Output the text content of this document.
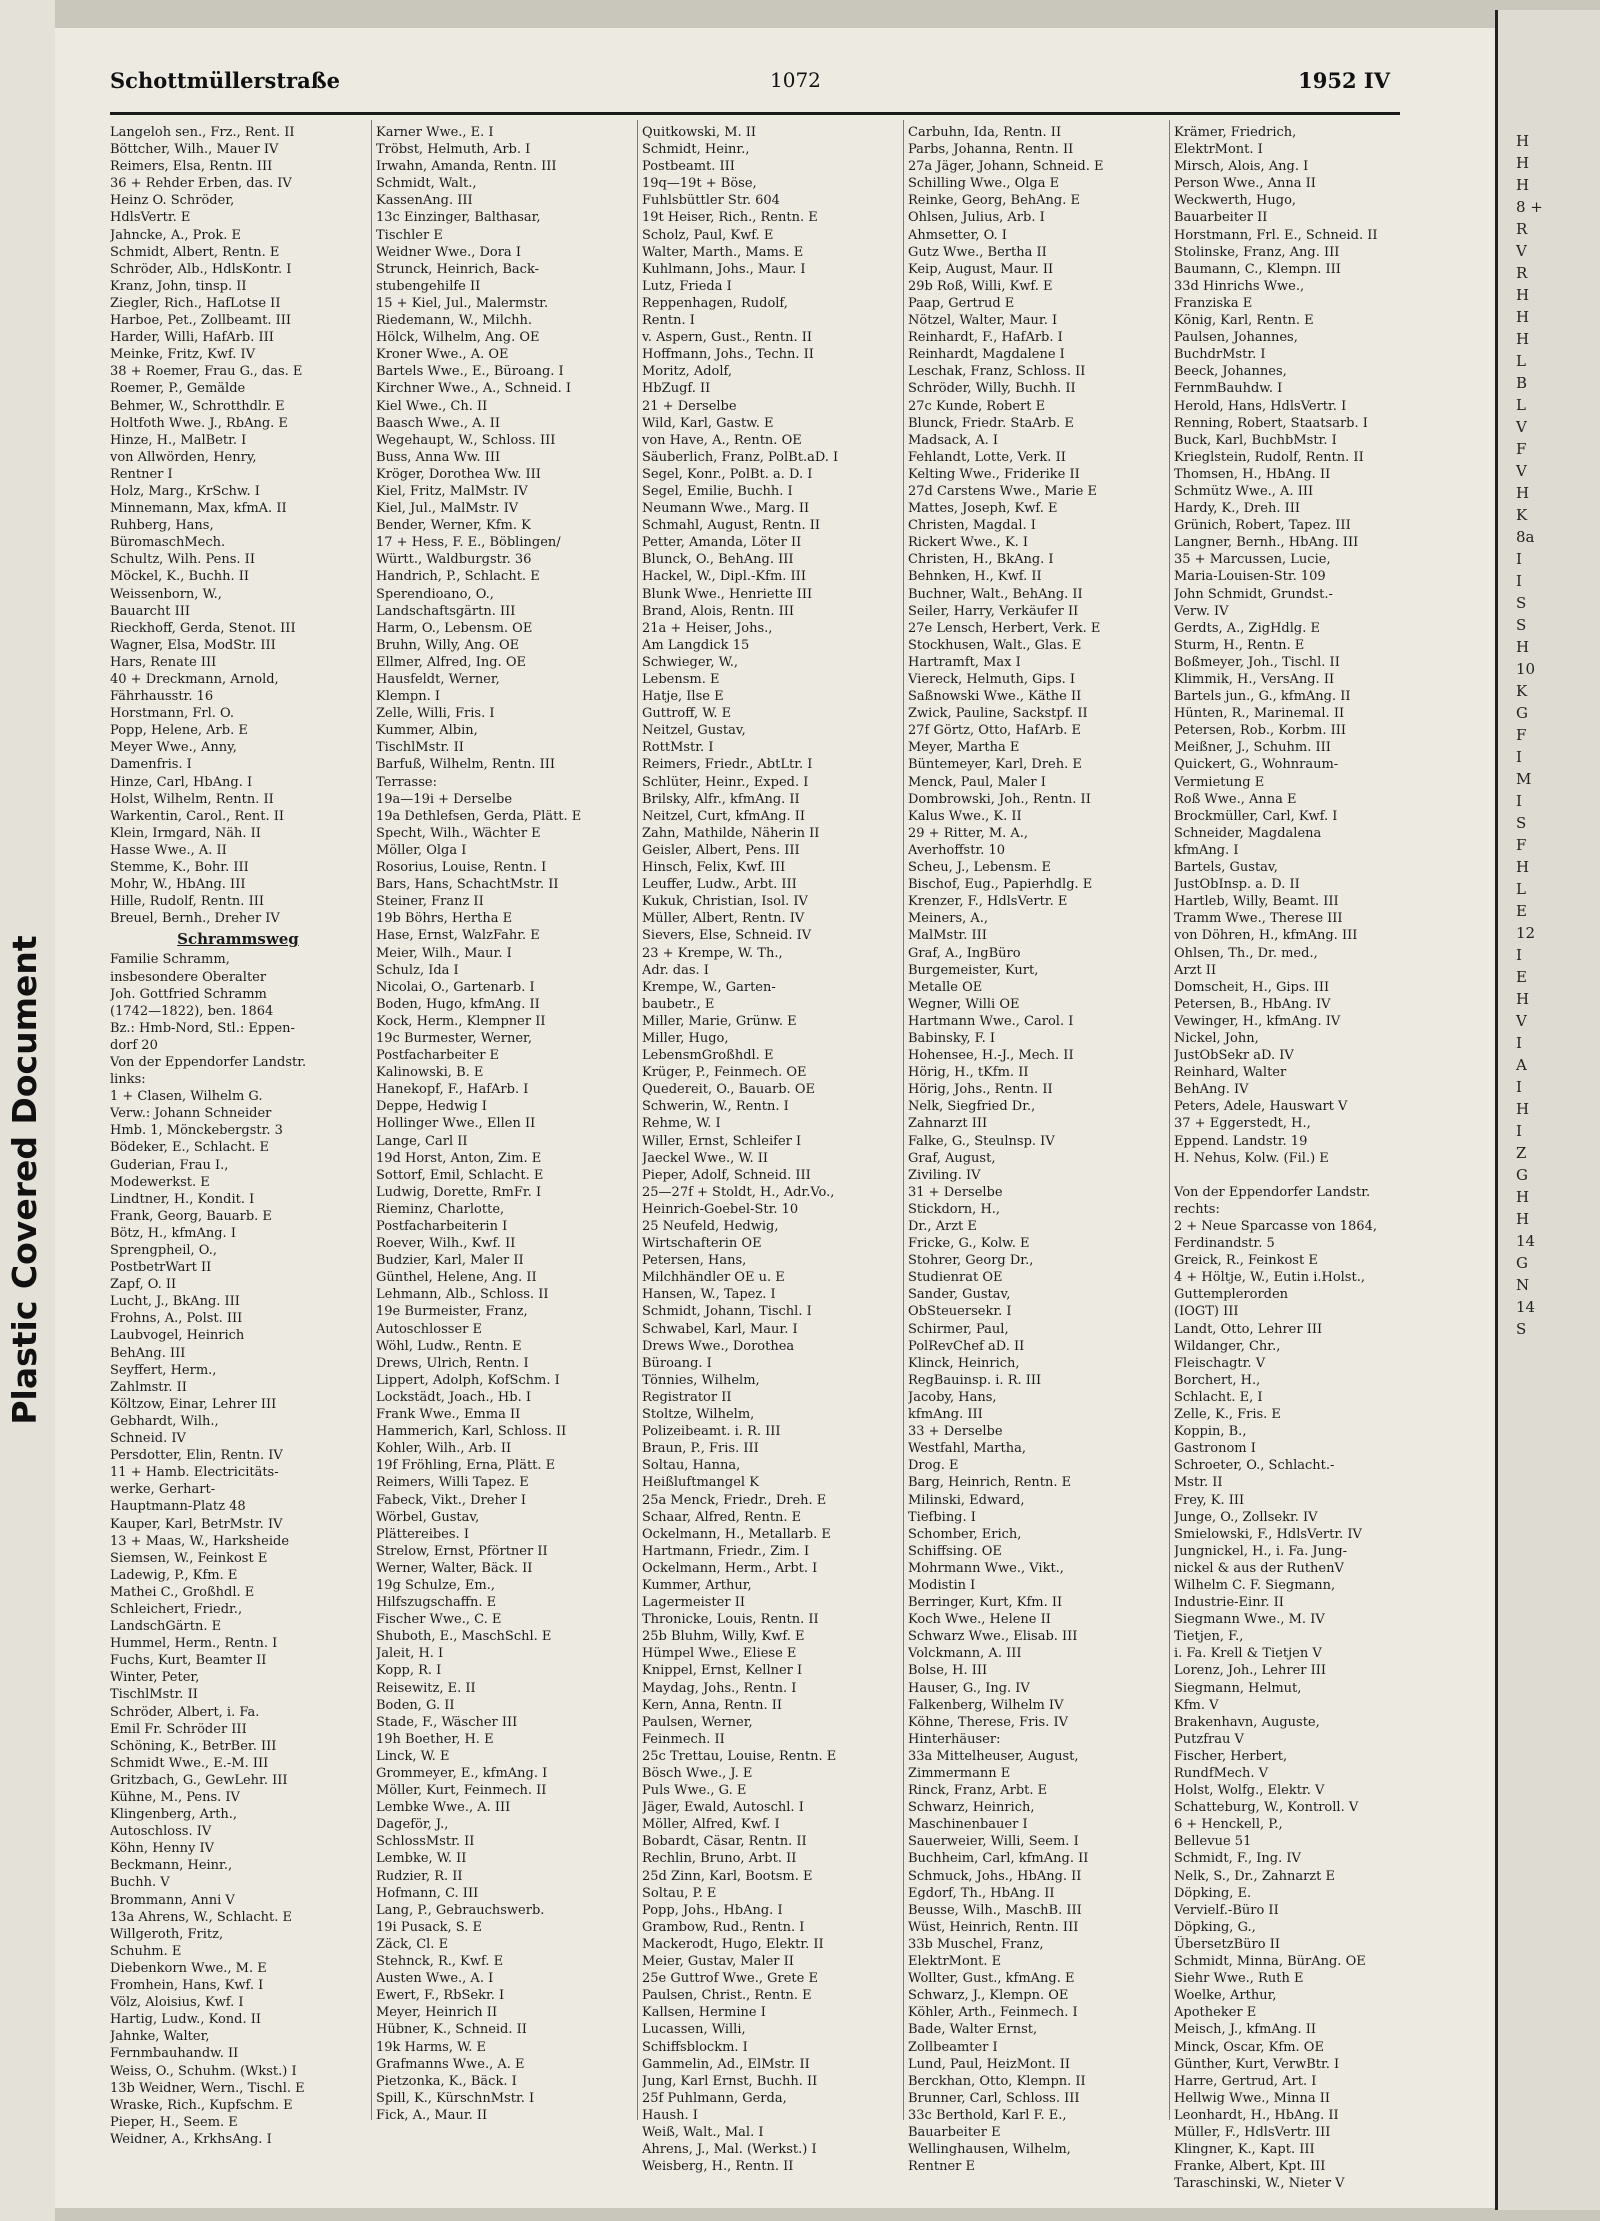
Plastic Covered Document
Schottmüllerstraße	1072	1952 IV
Langeloh sen., Frz., Rent. II
Böttcher, Wilh., Mauer IV
Reimers, Elsa, Rentn. III
36 + Rehder Erben, das. IV
Heinz O. Schröder,
HdlsVertr. E
Jahncke, A., Prok. E
Schmidt, Albert, Rentn. E
Schröder, Alb., HdlsKontr. I
Kranz, John, tinsp. II
Ziegler, Rich., HafLotse II
Harboe, Pet., Zollbeamt. III
Harder, Willi, HafArb. III
Meinke, Fritz, Kwf. IV
38 + Roemer, Frau G., das. E
Roemer, P., Gemälde
Behmer, W., Schrotthdlr. E
Holtfoth Wwe. J., RbAng. E
Hinze, H., MalBetr. I
von Allwörden, Henry,
Rentner I
Holz, Marg., KrSchw. I
Minnemann, Max, kfmA. II
Ruhberg, Hans,
BüromaschMech.
Schultz, Wilh. Pens. II
Möckel, K., Buchh. II
Weissenborn, W.,
Bauarcht III
Rieckhoff, Gerda, Stenot. III
Wagner, Elsa, ModStr. III
Hars, Renate III
40 + Dreckmann, Arnold,
Fährhausstr. 16
Horstmann, Frl. O.
Popp, Helene, Arb. E
Meyer Wwe., Anny,
Damenfris. I
Hinze, Carl, HbAng. I
Holst, Wilhelm, Rentn. II
Warkentin, Carol., Rent. II
Klein, Irmgard, Näh. II
Hasse Wwe., A. II
Stemme, K., Bohr. III
Mohr, W., HbAng. III
Hille, Rudolf, Rentn. III
Breuel, Bernh., Dreher IV
Schrammsweg
Familie Schramm,
insbesondere Oberalter
Joh. Gottfried Schramm
(1742—1822), ben. 1864
Bz.: Hmb-Nord, Stl.: Eppen-
dorf 20
Von der Eppendorfer Landstr.
links:
1 + Clasen, Wilhelm G.
Verw.: Johann Schneider
Hmb. 1, Mönckebergstr. 3
Bödeker, E., Schlacht. E
Guderian, Frau I.,
Modewerkst. E
Lindtner, H., Kondit. I
Frank, Georg, Bauarb. E
Bötz, H., kfmAng. I
Sprengpheil, O.,
PostbetrWart II
Zapf, O. II
Lucht, J., BkAng. III
Frohns, A., Polst. III
Laubvogel, Heinrich
BehAng. III
Seyffert, Herm.,
Zahlmstr. II
Költzow, Einar, Lehrer III
Gebhardt, Wilh.,
Schneid. IV
Persdotter, Elin, Rentn. IV
11 + Hamb. Electricitäts-
werke, Gerhart-
Hauptmann-Platz 48
Kauper, Karl, BetrMstr. IV
13 + Maas, W., Harksheide
Siemsen, W., Feinkost E
Ladewig, P., Kfm. E
Mathei C., Großhdl. E
Schleichert, Friedr.,
LandschGärtn. E
Hummel, Herm., Rentn. I
Fuchs, Kurt, Beamter II
Winter, Peter,
TischlMstr. II
Schröder, Albert, i. Fa.
Emil Fr. Schröder III
Schöning, K., BetrBer. III
Schmidt Wwe., E.-M. III
Gritzbach, G., GewLehr. III
Kühne, M., Pens. IV
Klingenberg, Arth.,
Autoschloss. IV
Köhn, Henny IV
Beckmann, Heinr.,
Buchh. V
Brommann, Anni V
13a Ahrens, W., Schlacht. E
Willgeroth, Fritz,
Schuhm. E
Diebenkorn Wwe., M. E
Fromhein, Hans, Kwf. I
Völz, Aloisius, Kwf. I
Hartig, Ludw., Kond. II
Jahnke, Walter,
Fernmbauhandw. II
Weiss, O., Schuhm. (Wkst.) I
13b Weidner, Wern., Tischl. E
Wraske, Rich., Kupfschm. E
Pieper, H., Seem. E
Weidner, A., KrkhsAng. I
Karner Wwe., E. I
Tröbst, Helmuth, Arb. I
Irwahn, Amanda, Rentn. III
Schmidt, Walt.,
KassenAng. III
13c Einzinger, Balthasar,
Tischler E
Weidner Wwe., Dora I
Strunck, Heinrich, Back-
stubengehilfe II
15 + Kiel, Jul., Malermstr.
Riedemann, W., Milchh.
Hölck, Wilhelm, Ang. OE
Kroner Wwe., A. OE
Bartels Wwe., E., Büroang. I
Kirchner Wwe., A., Schneid. I
Kiel Wwe., Ch. II
Baasch Wwe., A. II
Wegehaupt, W., Schloss. III
Buss, Anna Ww. III
Kröger, Dorothea Ww. III
Kiel, Fritz, MalMstr. IV
Kiel, Jul., MalMstr. IV
Bender, Werner, Kfm. K
17 + Hess, F. E., Böblingen/
Württ., Waldburgstr. 36
Handrich, P., Schlacht. E
Sperendioano, O.,
Landschaftsgärtn. III
Harm, O., Lebensm. OE
Bruhn, Willy, Ang. OE
Ellmer, Alfred, Ing. OE
Hausfeldt, Werner,
Klempn. I
Zelle, Willi, Fris. I
Kummer, Albin,
TischlMstr. II
Barfuß, Wilhelm, Rentn. III
Terrasse:
19a—19i + Derselbe
19a Dethlefsen, Gerda, Plätt. E
Specht, Wilh., Wächter E
Möller, Olga I
Rosorius, Louise, Rentn. I
Bars, Hans, SchachtMstr. II
Steiner, Franz II
19b Böhrs, Hertha E
Hase, Ernst, WalzFahr. E
Meier, Wilh., Maur. I
Schulz, Ida I
Nicolai, O., Gartenarb. I
Boden, Hugo, kfmAng. II
Kock, Herm., Klempner II
19c Burmester, Werner,
Postfacharbeiter E
Kalinowski, B. E
Hanekopf, F., HafArb. I
Deppe, Hedwig I
Hollinger Wwe., Ellen II
Lange, Carl II
19d Horst, Anton, Zim. E
Sottorf, Emil, Schlacht. E
Ludwig, Dorette, RmFr. I
Rieminz, Charlotte,
Postfacharbeiterin I
Roever, Wilh., Kwf. II
Budzier, Karl, Maler II
Günthel, Helene, Ang. II
Lehmann, Alb., Schloss. II
19e Burmeister, Franz,
Autoschlosser E
Wöhl, Ludw., Rentn. E
Drews, Ulrich, Rentn. I
Lippert, Adolph, KofSchm. I
Lockstädt, Joach., Hb. I
Frank Wwe., Emma II
Hammerich, Karl, Schloss. II
Kohler, Wilh., Arb. II
19f Fröhling, Erna, Plätt. E
Reimers, Willi Tapez. E
Fabeck, Vikt., Dreher I
Wörbel, Gustav,
Plättereibes. I
Strelow, Ernst, Pförtner II
Werner, Walter, Bäck. II
19g Schulze, Em.,
Hilfszugschaffn. E
Fischer Wwe., C. E
Shuboth, E., MaschSchl. E
Jaleit, H. I
Kopp, R. I
Reisewitz, E. II
Boden, G. II
Stade, F., Wäscher III
19h Boether, H. E
Linck, W. E
Grommeyer, E., kfmAng. I
Möller, Kurt, Feinmech. II
Lembke Wwe., A. III
Dageför, J.,
SchlossMstr. II
Lembke, W. II
Rudzier, R. II
Hofmann, C. III
Lang, P., Gebrauchswerb.
19i Pusack, S. E
Zäck, Cl. E
Stehnck, R., Kwf. E
Austen Wwe., A. I
Ewert, F., RbSekr. I
Meyer, Heinrich II
Hübner, K., Schneid. II
19k Harms, W. E
Grafmanns Wwe., A. E
Pietzonka, K., Bäck. I
Spill, K., KürschnMstr. I
Fick, A., Maur. II
Quitkowski, M. II
Schmidt, Heinr.,
Postbeamt. III
19q—19t + Böse,
Fuhlsbüttler Str. 604
19t Heiser, Rich., Rentn. E
Scholz, Paul, Kwf. E
Walter, Marth., Mams. E
Kuhlmann, Johs., Maur. I
Lutz, Frieda I
Reppenhagen, Rudolf,
Rentn. I
v. Aspern, Gust., Rentn. II
Hoffmann, Johs., Techn. II
Moritz, Adolf,
HbZugf. II
21 + Derselbe
Wild, Karl, Gastw. E
von Have, A., Rentn. OE
Säuberlich, Franz, PolBt.aD. I
Segel, Konr., PolBt. a. D. I
Segel, Emilie, Buchh. I
Neumann Wwe., Marg. II
Schmahl, August, Rentn. II
Petter, Amanda, Löter II
Blunck, O., BehAng. III
Hackel, W., Dipl.-Kfm. III
Blunk Wwe., Henriette III
Brand, Alois, Rentn. III
21a + Heiser, Johs.,
Am Langdick 15
Schwieger, W.,
Lebensm. E
Hatje, Ilse E
Guttroff, W. E
Neitzel, Gustav,
RottMstr. I
Reimers, Friedr., AbtLtr. I
Schlüter, Heinr., Exped. I
Brilsky, Alfr., kfmAng. II
Neitzel, Curt, kfmAng. II
Zahn, Mathilde, Näherin II
Geisler, Albert, Pens. III
Hinsch, Felix, Kwf. III
Leuffer, Ludw., Arbt. III
Kukuk, Christian, Isol. IV
Müller, Albert, Rentn. IV
Sievers, Else, Schneid. IV
23 + Krempe, W. Th.,
Adr. das. I
Krempe, W., Garten-
baubetr., E
Miller, Marie, Grünw. E
Miller, Hugo,
LebensmGroßhdl. E
Krüger, P., Feinmech. OE
Quedereit, O., Bauarb. OE
Schwerin, W., Rentn. I
Rehme, W. I
Willer, Ernst, Schleifer I
Jaeckel Wwe., W. II
Pieper, Adolf, Schneid. III
25—27f + Stoldt, H., Adr.Vo.,
Heinrich-Goebel-Str. 10
25 Neufeld, Hedwig,
Wirtschafterin OE
Petersen, Hans,
Milchhändler OE u. E
Hansen, W., Tapez. I
Schmidt, Johann, Tischl. I
Schwabel, Karl, Maur. I
Drews Wwe., Dorothea
Büroang. I
Tönnies, Wilhelm,
Registrator II
Stoltze, Wilhelm,
Polizeibeamt. i. R. III
Braun, P., Fris. III
Soltau, Hanna,
Heißluftmangel K
25a Menck, Friedr., Dreh. E
Schaar, Alfred, Rentn. E
Ockelmann, H., Metallarb. E
Hartmann, Friedr., Zim. I
Ockelmann, Herm., Arbt. I
Kummer, Arthur,
Lagermeister II
Thronicke, Louis, Rentn. II
25b Bluhm, Willy, Kwf. E
Hümpel Wwe., Eliese E
Knippel, Ernst, Kellner I
Maydag, Johs., Rentn. I
Kern, Anna, Rentn. II
Paulsen, Werner,
Feinmech. II
25c Trettau, Louise, Rentn. E
Bösch Wwe., J. E
Puls Wwe., G. E
Jäger, Ewald, Autoschl. I
Möller, Alfred, Kwf. I
Bobardt, Cäsar, Rentn. II
Rechlin, Bruno, Arbt. II
25d Zinn, Karl, Bootsm. E
Soltau, P. E
Popp, Johs., HbAng. I
Grambow, Rud., Rentn. I
Mackerodt, Hugo, Elektr. II
Meier, Gustav, Maler II
25e Guttrof Wwe., Grete E
Paulsen, Christ., Rentn. E
Kallsen, Hermine I
Lucassen, Willi,
Schiffsblockm. I
Gammelin, Ad., ElMstr. II
Jung, Karl Ernst, Buchh. II
25f Puhlmann, Gerda,
Haush. I
Weiß, Walt., Mal. I
Ahrens, J., Mal. (Werkst.) I
Weisberg, H., Rentn. II
Carbuhn, Ida, Rentn. II
Parbs, Johanna, Rentn. II
27a Jäger, Johann, Schneid. E
Schilling Wwe., Olga E
Reinke, Georg, BehAng. E
Ohlsen, Julius, Arb. I
Ahmsetter, O. I
Gutz Wwe., Bertha II
Keip, August, Maur. II
29b Roß, Willi, Kwf. E
Paap, Gertrud E
Nötzel, Walter, Maur. I
Reinhardt, F., HafArb. I
Reinhardt, Magdalene I
Leschak, Franz, Schloss. II
Schröder, Willy, Buchh. II
27c Kunde, Robert E
Blunck, Friedr. StaArb. E
Madsack, A. I
Fehlandt, Lotte, Verk. II
Kelting Wwe., Friderike II
27d Carstens Wwe., Marie E
Mattes, Joseph, Kwf. E
Christen, Magdal. I
Rickert Wwe., K. I
Christen, H., BkAng. I
Behnken, H., Kwf. II
Buchner, Walt., BehAng. II
Seiler, Harry, Verkäufer II
27e Lensch, Herbert, Verk. E
Stockhusen, Walt., Glas. E
Hartramft, Max I
Viereck, Helmuth, Gips. I
Saßnowski Wwe., Käthe II
Zwick, Pauline, Sackstpf. II
27f Görtz, Otto, HafArb. E
Meyer, Martha E
Büntemeyer, Karl, Dreh. E
Menck, Paul, Maler I
Dombrowski, Joh., Rentn. II
Kalus Wwe., K. II
29 + Ritter, M. A.,
Averhoffstr. 10
Scheu, J., Lebensm. E
Bischof, Eug., Papierhdlg. E
Krenzer, F., HdlsVertr. E
Meiners, A.,
MalMstr. III
Graf, A., IngBüro
Burgemeister, Kurt,
Metalle OE
Wegner, Willi OE
Hartmann Wwe., Carol. I
Babinsky, F. I
Hohensee, H.-J., Mech. II
Hörig, H., tKfm. II
Hörig, Johs., Rentn. II
Nelk, Siegfried Dr.,
Zahnarzt III
Falke, G., Steulnsp. IV
Graf, August,
Ziviling. IV
31 + Derselbe
Stickdorn, H.,
Dr., Arzt E
Fricke, G., Kolw. E
Stohrer, Georg Dr.,
Studienrat OE
Sander, Gustav,
ObSteuersekr. I
Schirmer, Paul,
PolRevChef aD. II
Klinck, Heinrich,
RegBauinsp. i. R. III
Jacoby, Hans,
kfmAng. III
33 + Derselbe
Westfahl, Martha,
Drog. E
Barg, Heinrich, Rentn. E
Milinski, Edward,
Tiefbing. I
Schomber, Erich,
Schiffsing. OE
Mohrmann Wwe., Vikt.,
Modistin I
Berringer, Kurt, Kfm. II
Koch Wwe., Helene II
Schwarz Wwe., Elisab. III
Volckmann, A. III
Bolse, H. III
Hauser, G., Ing. IV
Falkenberg, Wilhelm IV
Köhne, Therese, Fris. IV
Hinterhäuser:
33a Mittelheuser, August,
Zimmermann E
Rinck, Franz, Arbt. E
Schwarz, Heinrich,
Maschinenbauer I
Sauerweier, Willi, Seem. I
Buchheim, Carl, kfmAng. II
Schmuck, Johs., HbAng. II
Egdorf, Th., HbAng. II
Beusse, Wilh., MaschB. III
Wüst, Heinrich, Rentn. III
33b Muschel, Franz,
ElektrMont. E
Wollter, Gust., kfmAng. E
Schwarz, J., Klempn. OE
Köhler, Arth., Feinmech. I
Bade, Walter Ernst,
Zollbeamter I
Lund, Paul, HeizMont. II
Berckhan, Otto, Klempn. II
Brunner, Carl, Schloss. III
33c Berthold, Karl F. E.,
Bauarbeiter E
Wellinghausen, Wilhelm,
Rentner E
Krämer, Friedrich,
ElektrMont. I
Mirsch, Alois, Ang. I
Person Wwe., Anna II
Weckwerth, Hugo,
Bauarbeiter II
Horstmann, Frl. E., Schneid. II
Stolinske, Franz, Ang. III
Baumann, C., Klempn. III
33d Hinrichs Wwe.,
Franziska E
König, Karl, Rentn. E
Paulsen, Johannes,
BuchdrMstr. I
Beeck, Johannes,
FernmBauhdw. I
Herold, Hans, HdlsVertr. I
Renning, Robert, Staatsarb. I
Buck, Karl, BuchbMstr. I
Krieglstein, Rudolf, Rentn. II
Thomsen, H., HbAng. II
Schmütz Wwe., A. III
Hardy, K., Dreh. III
Grünich, Robert, Tapez. III
Langner, Bernh., HbAng. III
35 + Marcussen, Lucie,
Maria-Louisen-Str. 109
John Schmidt, Grundst.-
Verw. IV
Gerdts, A., ZigHdlg. E
Sturm, H., Rentn. E
Boßmeyer, Joh., Tischl. II
Klimmik, H., VersAng. II
Bartels jun., G., kfmAng. II
Hünten, R., Marinemal. II
Petersen, Rob., Korbm. III
Meißner, J., Schuhm. III
Quickert, G., Wohnraum-
Vermietung E
Roß Wwe., Anna E
Brockmüller, Carl, Kwf. I
Schneider, Magdalena
kfmAng. I
Bartels, Gustav,
JustObInsp. a. D. II
Hartleb, Willy, Beamt. III
Tramm Wwe., Therese III
von Döhren, H., kfmAng. III
Ohlsen, Th., Dr. med.,
Arzt II
Domscheit, H., Gips. III
Petersen, B., HbAng. IV
Vewinger, H., kfmAng. IV
Nickel, John,
JustObSekr aD. IV
Reinhard, Walter
BehAng. IV
Peters, Adele, Hauswart V
37 + Eggerstedt, H.,
Eppend. Landstr. 19
H. Nehus, Kolw. (Fil.) E
Von der Eppendorfer Landstr.
rechts:
2 + Neue Sparcasse von 1864,
Ferdinandstr. 5
Greick, R., Feinkost E
4 + Höltje, W., Eutin i.Holst.,
Guttemplerorden
(IOGT) III
Landt, Otto, Lehrer III
Wildanger, Chr.,
Fleischagtr. V
Borchert, H.,
Schlacht. E, I
Zelle, K., Fris. E
Koppin, B.,
Gastronom I
Schroeter, O., Schlacht.-
Mstr. II
Frey, K. III
Junge, O., Zollsekr. IV
Smielowski, F., HdlsVertr. IV
Jungnickel, H., i. Fa. Jung-
nickel & aus der RuthenV
Wilhelm C. F. Siegmann,
Industrie-Einr. II
Siegmann Wwe., M. IV
Tietjen, F.,
i. Fa. Krell & Tietjen V
Lorenz, Joh., Lehrer III
Siegmann, Helmut,
Kfm. V
Brakenhavn, Auguste,
Putzfrau V
Fischer, Herbert,
RundfMech. V
Holst, Wolfg., Elektr. V
Schatteburg, W., Kontroll. V
6 + Henckell, P.,
Bellevue 51
Schmidt, F., Ing. IV
Nelk, S., Dr., Zahnarzt E
Döpking, E.
Vervielf.-Büro II
Döpking, G.,
ÜbersetzBüro II
Schmidt, Minna, BürAng. OE
Siehr Wwe., Ruth E
Woelke, Arthur,
Apotheker E
Meisch, J., kfmAng. II
Minck, Oscar, Kfm. OE
Günther, Kurt, VerwBtr. I
Harre, Gertrud, Art. I
Hellwig Wwe., Minna II
Leonhardt, H., HbAng. II
Müller, F., HdlsVertr. III
Klingner, K., Kapt. III
Franke, Albert, Kpt. III
Taraschinski, W., Nieter V
H
H
H
8 +
R
V
R
H
H
H
L
B
L
V
F
V
H
K
8a
I
I
S
S
H
10
K
G
F
I
M
I
S
F
H
L
E
12
I
E
H
V
I
A
I
H
I
Z
G
H
H
14
G
N
14
S
